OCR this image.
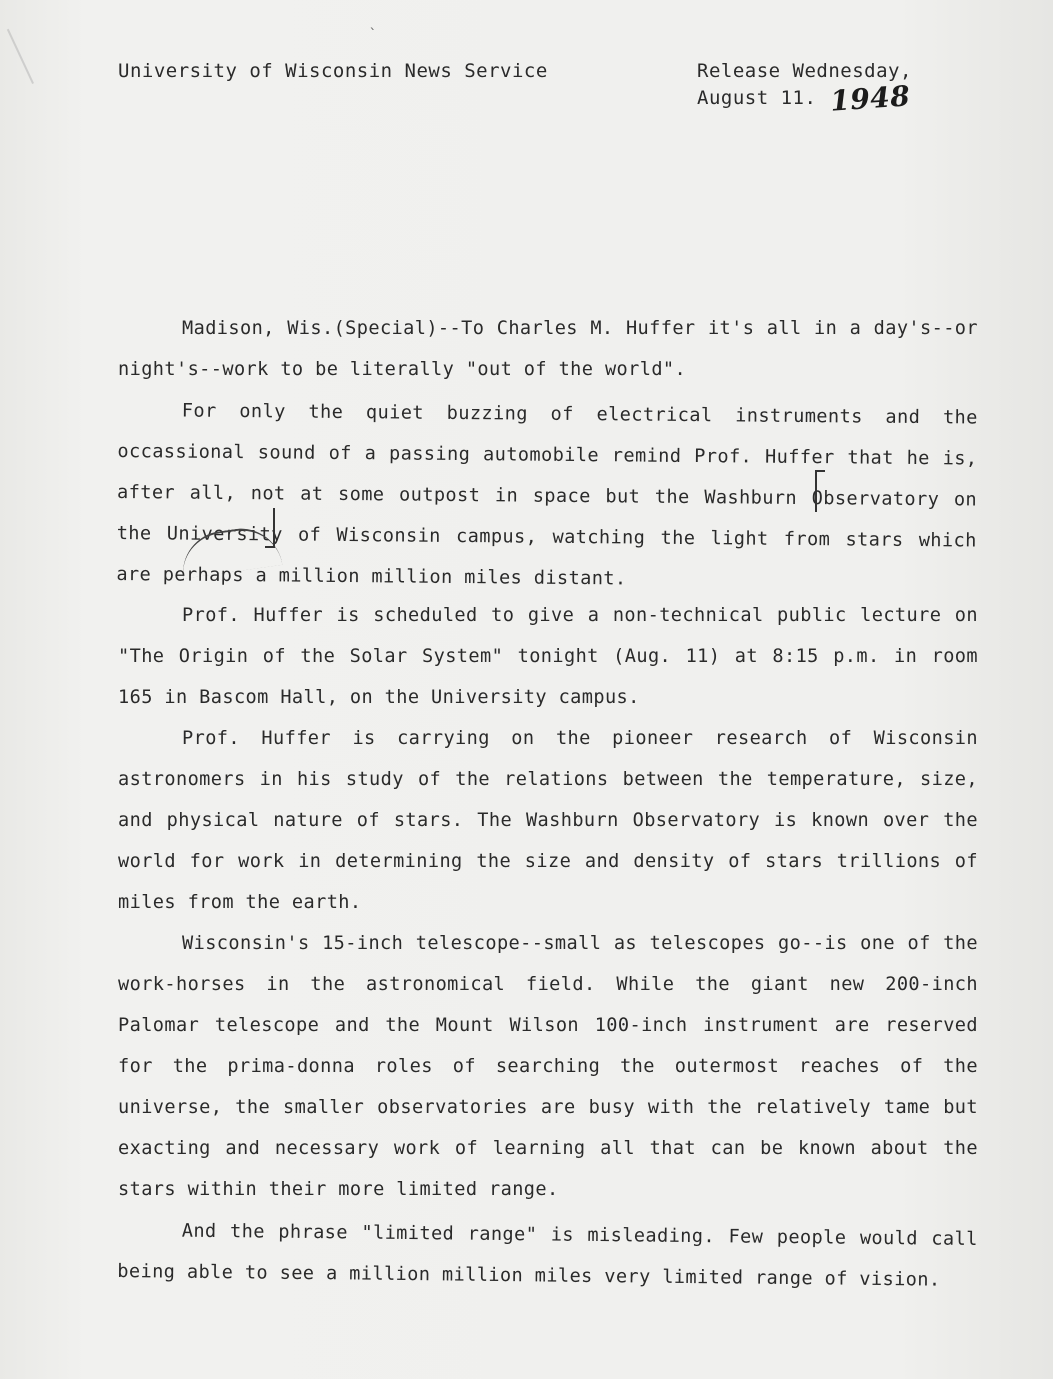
ˎ
University of Wisconsin News Service	Release Wednesday,
August 11. 1948

Madison, Wis.(Special)--To Charles M. Huffer it's all in a day's--or night's--work to be literally "out of the world".

For only the quiet buzzing of electrical instruments and the occassional sound of a passing automobile remind Prof. Huffer that he is, after all, not at some outpost in space but the Washburn Observatory on the University of Wisconsin campus, watching the light from stars which are perhaps a million million miles distant.

Prof. Huffer is scheduled to give a non-technical public lecture on "The Origin of the Solar System" tonight (Aug. 11) at 8:15 p.m. in room 165 in Bascom Hall, on the University campus.

Prof. Huffer is carrying on the pioneer research of Wisconsin astronomers in his study of the relations between the temperature, size, and physical nature of stars. The Washburn Observatory is known over the world for work in determining the size and density of stars trillions of miles from the earth.

Wisconsin's 15-inch telescope--small as telescopes go--is one of the work-horses in the astronomical field. While the giant new 200-inch Palomar telescope and the Mount Wilson 100-inch instrument are reserved for the prima-donna roles of searching the outermost reaches of the universe, the smaller observatories are busy with the relatively tame but exacting and necessary work of learning all that can be known about the stars within their more limited range.

And the phrase "limited range" is misleading. Few people would call being able to see a million million miles very limited range of vision.
